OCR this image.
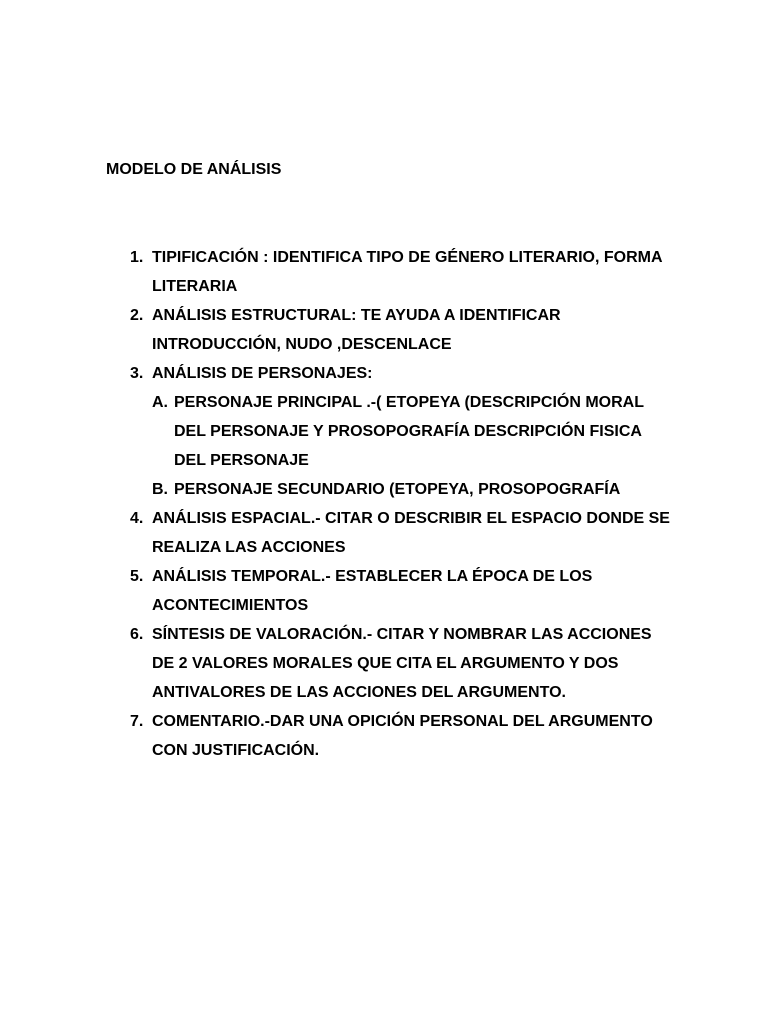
MODELO DE ANÁLISIS
1. TIPIFICACIÓN : IDENTIFICA TIPO DE GÉNERO LITERARIO, FORMA LITERARIA
2. ANÁLISIS ESTRUCTURAL: TE AYUDA A IDENTIFICAR INTRODUCCIÓN, NUDO ,DESCENLACE
3. ANÁLISIS DE PERSONAJES:
A. PERSONAJE PRINCIPAL .-( ETOPEYA (DESCRIPCIÓN MORAL DEL PERSONAJE Y PROSOPOGRAFÍA DESCRIPCIÓN FISICA DEL PERSONAJE
B. PERSONAJE SECUNDARIO (ETOPEYA, PROSOPOGRAFÍA
4. ANÁLISIS ESPACIAL.- CITAR O DESCRIBIR EL ESPACIO DONDE SE REALIZA LAS ACCIONES
5. ANÁLISIS TEMPORAL.- ESTABLECER LA ÉPOCA DE LOS ACONTECIMIENTOS
6. SÍNTESIS DE VALORACIÓN.- CITAR Y NOMBRAR LAS ACCIONES DE 2 VALORES MORALES QUE CITA EL ARGUMENTO Y DOS ANTIVALORES DE LAS ACCIONES DEL ARGUMENTO.
7. COMENTARIO.-DAR UNA OPICIÓN PERSONAL DEL ARGUMENTO CON JUSTIFICACIÓN.
